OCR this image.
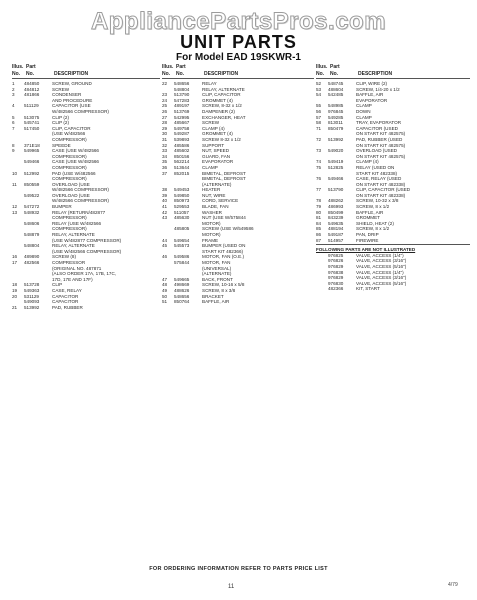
AppliancePartsPros.com
UNIT PARTS
For Model EAD 19SKWR-1
Illus.
No.
Part
No.	DESCRIPTION
1	484850	SCREW, GROUND
2	484812	SCREW
3	481866	CONDENSER
AND PROCEDURE
4	511129	CAPACITOR (USE
W/482566 COMPRESSOR)
5	513075	CLIP (2)
6	545741	CLIP (2)
7	517450	CLIP, CAPACITOR
(USE W/482566
COMPRESSOR)
8	371E18	SPEEDE
9	549965	CASE (USE W/482566
COMPRESSOR)
549466	CASE (USE W/482566
COMPRESSOR)
10	512992	PAD (USE W/482566
COMPRESSOR)
11	850559	OVERLOAD (USE
W/482566 COMPRESSOR)
549522	OVERLOAD (USE
W/482566 COMPRESSOR)
12	547272	BUMPER
13	548932	RELAY (RETURN/482877
COMPRESSOR)
548606	RELAY (USE W/482566
COMPRESSOR)
548879	RELAY, ALTERNATE
(USE W/482877 COMPRESSOR)
548804	RELAY, ALTERNATE
(USE W/482566 COMPRESSOR)
16	489890	SCREW (8)
17	482566	COMPRESSOR
(ORIGINAL NO. 487871
(ALSO ORDER 17A, 17B, 17C,
17D, 17E AND 17F)
18	513728	CLIP
19	549363	CASE, RELAY
20	531129	CAPACITOR
549093	CAPACITOR
21	513992	PAD, RUBBER
Illus.
No.
Part
No.	DESCRIPTION
22	548656	RELAY
548804	RELAY, ALTERNATE
23	513790	CLIP, CAPACITOR
24	547283	GROMMET (4)
25	489197	SCREW, 8-32 x 1/2
26	513769	DAMPENER (2)
27	542995	EXCHANGER, HEAT
28	485667	SCREW
29	549758	CLAMP (4)
30	549287	GROMMET (4)
31	539893	SCREW 8-32 x 1/2
32	485586	SUPPORT
33	485602	NUT, SPEED
34	850156	GUARD, FAN
35	562214	EVAPORATOR
36	513644	CLAMP
37	852015	BIMETAL, DEFROST
BIMETAL, DEFROST
(ALTERNATE)
38	549453	HEATER
39	549850	NUT, WIRE
40	850973	CORD, SERVICE
41	529553	BLADE, FAN
42	511057	WASHER
43	485630	NUT (USE W/575844
MOTOR)
485805	SCREW (USE W/549586
MOTOR)
44	549654	FRAME
45	545573	BUMPER (USED ON
START KIT 482366)
46	549586	MOTOR, FAN (O.E.)
575844	MOTOR, FAN
(UNIVERSAL)
(ALTERNATE)
47	549665	BACK, FRONT
48	498669	SCREW, 10-16 x 5/8
49	488626	SCREW, 8 x 3/8
50	548656	BRACKET
51	850764	BAFFLE, AIR
Illus.
No.
Part
No.	DESCRIPTION
52	548745	CLIP, WIRE (2)
53	488604	SCREW, 1/4-20 x 1/2
54	542485	BAFFLE, AIR
EVAPORATOR
55	548985	CLAMP
56	976845	DOWN
57	549285	CLAMP
58	813011	TRAY, EVAPORATOR
71	850479	CAPACITOR (USED
ON START KIT 482575)
72	513992	PAD, RUBBER (USED
ON START KIT 482575)
73	549020	OVERLOAD (USED
ON START KIT 482575)
74	549419	CLAMP (4)
75	512825	RELAY (USED ON
START KIT 482338)
76	549466	CASE, RELAY (USED
ON START KIT 482338)
77	513790	CLIP, CAPACITOR (USED
ON START KIT 482338)
78	488262	SCREW, 10-32 x 3/8
79	486993	SCREW, 8 x 1/2
80	850499	BAFFLE, AIR
81	843239	GROMMET
84	549635	SHIELD, HEAT (2)
85	488194	SCREW, 8 x 1/2
86	549187	PAN, DRIP
87	514957	FIREWIRE
FOLLOWING PARTS ARE NOT ILLUSTRATED
976825	VALVE, ACCESS (1/4")
976826	VALVE, ACCESS (3/16")
976829	VALVE, ACCESS (5/16")
976838	VALVE, ACCESS (1/4")
976829	VALVE, ACCESS (3/16")
976830	VALVE, ACCESS (5/16")
482366	KIT, START
FOR ORDERING INFORMATION REFER TO PARTS PRICE LIST
11	4/79
